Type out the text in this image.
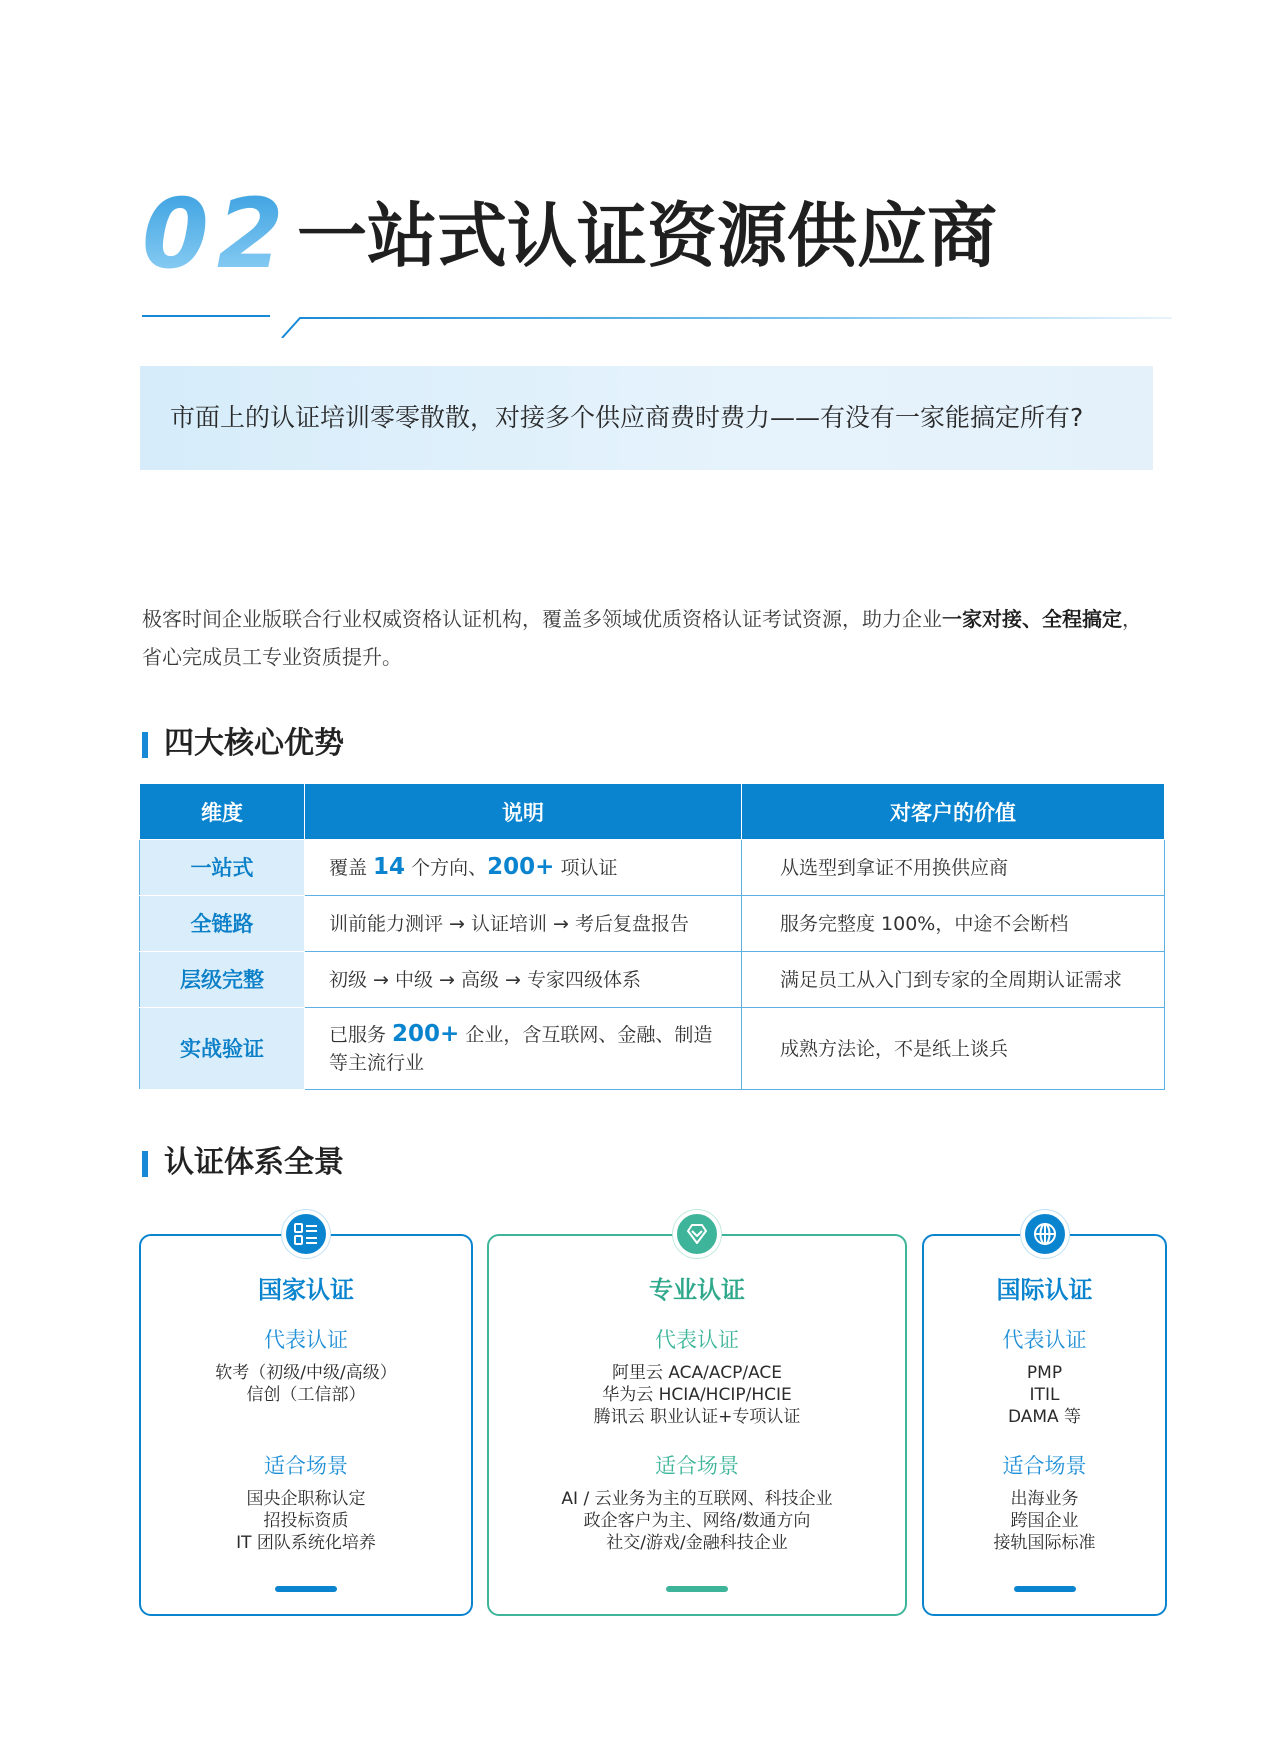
02 一站式认证资源供应商
市面上的认证培训零零散散，对接多个供应商费时费力——有没有一家能搞定所有?

极客时间企业版联合行业权威资格认证机构，覆盖多领域优质资格认证考试资源，助力企业一家对接、全程搞定，省心完成员工专业资质提升。

四大核心优势
维度	说明	对客户的价值
一站式	覆盖 14 个方向、200+ 项认证	从选型到拿证不用换供应商
全链路	训前能力测评 → 认证培训 → 考后复盘报告	服务完整度 100%，中途不会断档
层级完整	初级 → 中级 → 高级 → 专家四级体系	满足员工从入门到专家的全周期认证需求
实战验证	已服务 200+ 企业，含互联网、金融、制造等主流行业	成熟方法论，不是纸上谈兵
认证体系全景
国家认证
代表认证
软考（初级/中级/高级）
信创（工信部）
适合场景
国央企职称认定
招投标资质
IT 团队系统化培养
专业认证
代表认证
阿里云 ACA/ACP/ACE
华为云 HCIA/HCIP/HCIE
腾讯云 职业认证+专项认证
适合场景
AI / 云业务为主的互联网、科技企业
政企客户为主、网络/数通方向
社交/游戏/金融科技企业
国际认证
代表认证
PMP
ITIL
DAMA 等
适合场景
出海业务
跨国企业
接轨国际标准
